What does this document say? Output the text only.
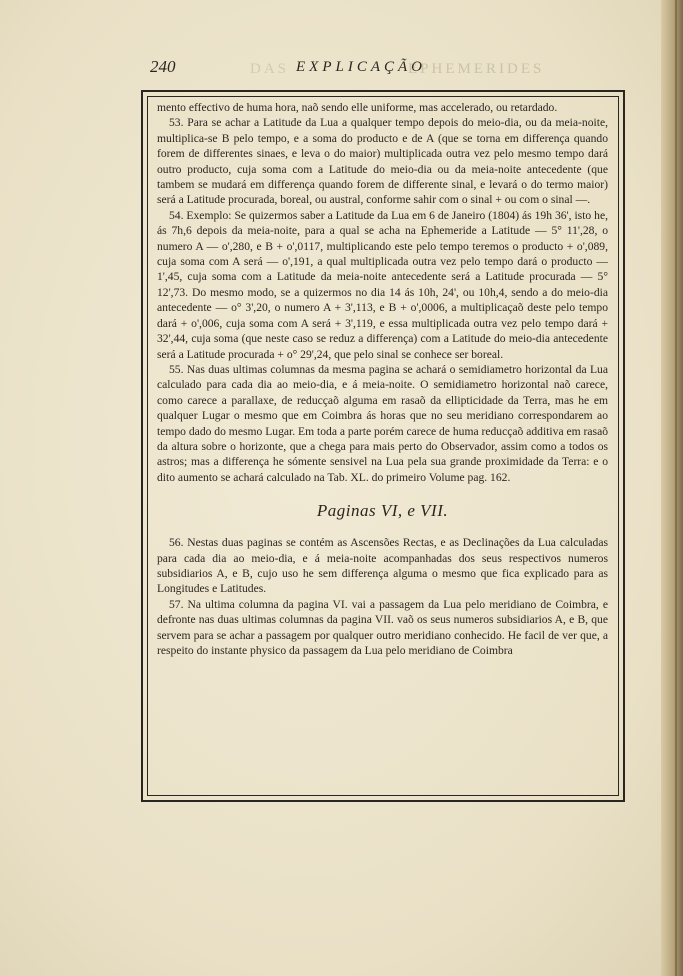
240	DAS EXPLICAÇÃO
EPHEMERIDES

mento effectivo de huma hora, naõ sendo elle uniforme, mas accelerado, ou retardado.

53. Para se achar a Latitude da Lua a qualquer tempo depois do meio-dia, ou da meia-noite, multiplica-se B pelo tempo, e a soma do producto e de A (que se torna em differença quando forem de differentes sinaes, e leva o do maior) multiplicada outra vez pelo mesmo tempo dará outro producto, cuja soma com a Latitude do meio-dia ou da meia-noite antecedente (que tambem se mudará em differença quando forem de differente sinal, e levará o do termo maior) será a Latitude procurada, boreal, ou austral, conforme sahir com o sinal + ou com o sinal —.

54. Exemplo: Se quizermos saber a Latitude da Lua em 6 de Janeiro (1804) ás 19h 36', isto he, ás 7h,6 depois da meia-noite, para a qual se acha na Ephemeride a Latitude — 5° 11',28, o numero A — o',280, e B + o',0117, multiplicando este pelo tempo teremos o producto + o',089, cuja soma com A será — o',191, a qual multiplicada outra vez pelo tempo dará o producto — 1',45, cuja soma com a Latitude da meia-noite antecedente será a Latitude procurada — 5° 12',73. Do mesmo modo, se a quizermos no dia 14 ás 10h, 24', ou 10h,4, sendo a do meio-dia antecedente — o° 3',20, o numero A + 3',113, e B + o',0006, a multiplicaçaõ deste pelo tempo dará + o',006, cuja soma com A será + 3',119, e essa multiplicada outra vez pelo tempo dará + 32',44, cuja soma (que neste caso se reduz a differença) com a Latitude do meio-dia antecedente será a Latitude procurada + o° 29',24, que pelo sinal se conhece ser boreal.

55. Nas duas ultimas columnas da mesma pagina se achará o semidiametro horizontal da Lua calculado para cada dia ao meio-dia, e á meia-noite. O semidiametro horizontal naõ carece, como carece a parallaxe, de reducçaõ alguma em rasaõ da ellipticidade da Terra, mas he em qualquer Lugar o mesmo que em Coimbra ás horas que no seu meridiano correspondarem ao tempo dado do mesmo Lugar. Em toda a parte porém carece de huma reducçaõ additiva em rasaõ da altura sobre o horizonte, que a chega para mais perto do Observador, assim como a todos os astros; mas a differença he sómente sensivel na Lua pela sua grande proximidade da Terra: e o dito aumento se achará calculado na Tab. XL. do primeiro Volume pag. 162.

Paginas VI, e VII.

56. Nestas duas paginas se contém as Ascensões Rectas, e as Declinações da Lua calculadas para cada dia ao meio-dia, e á meia-noite acompanhadas dos seus respectivos numeros subsidiarios A, e B, cujo uso he sem differença alguma o mesmo que fica explicado para as Longitudes e Latitudes.

57. Na ultima columna da pagina VI. vai a passagem da Lua pelo meridiano de Coimbra, e defronte nas duas ultimas columnas da pagina VII. vaõ os seus numeros subsidiarios A, e B, que servem para se achar a passagem por qualquer outro meridiano conhecido. He facil de ver que, a respeito do instante physico da passagem da Lua pelo meridiano de Coimbra
